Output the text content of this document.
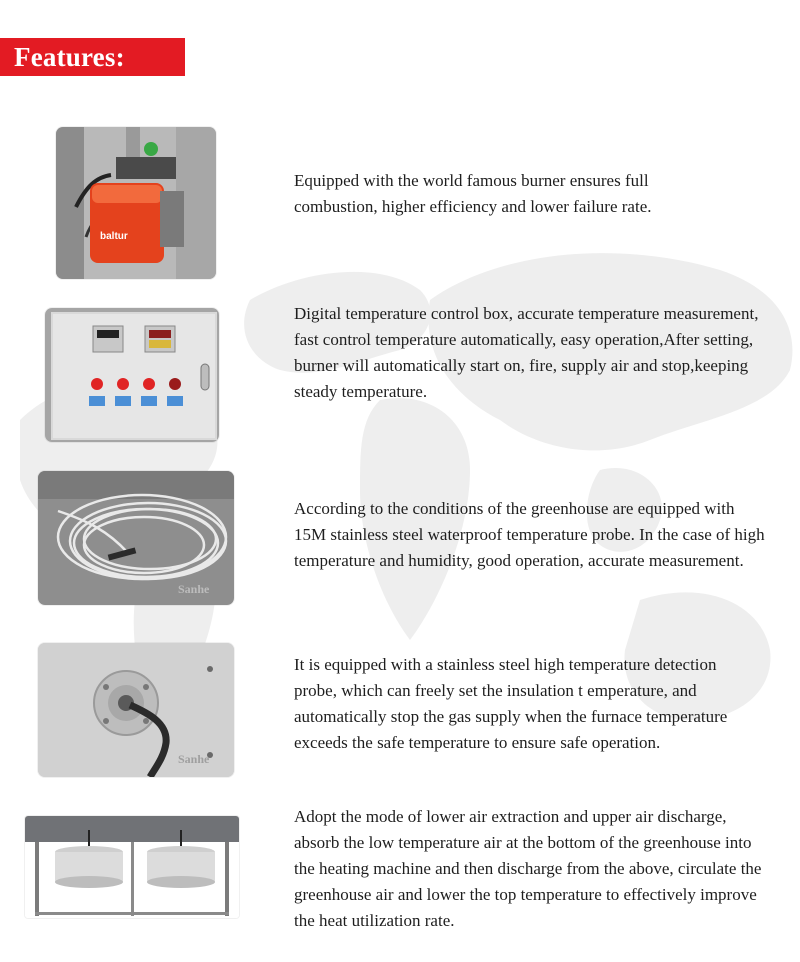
Features:
baltur

Equipped with the world famous burner ensures full combustion, higher efficiency and lower failure rate.

Digital temperature control box, accurate temperature measurement, fast control temperature automatically, easy operation,After setting, burner will automatically start on, fire, supply air and stop,keeping steady temperature.

Sanhe

According to the conditions of the greenhouse are equipped with 15M stainless steel waterproof temperature probe. In the case of high temperature and humidity, good operation, accurate measurement.

Sanhe

It is equipped with a stainless steel high temperature detection probe, which can freely set the insulation t emperature, and automatically stop the gas supply when the furnace temperature exceeds the safe temperature to ensure safe operation.

Adopt the mode of lower air extraction and upper air discharge, absorb the low temperature air at the bottom of the greenhouse into the heating machine and then discharge from the above, circulate the greenhouse air and lower the top temperature to effectively improve the heat utilization rate.
